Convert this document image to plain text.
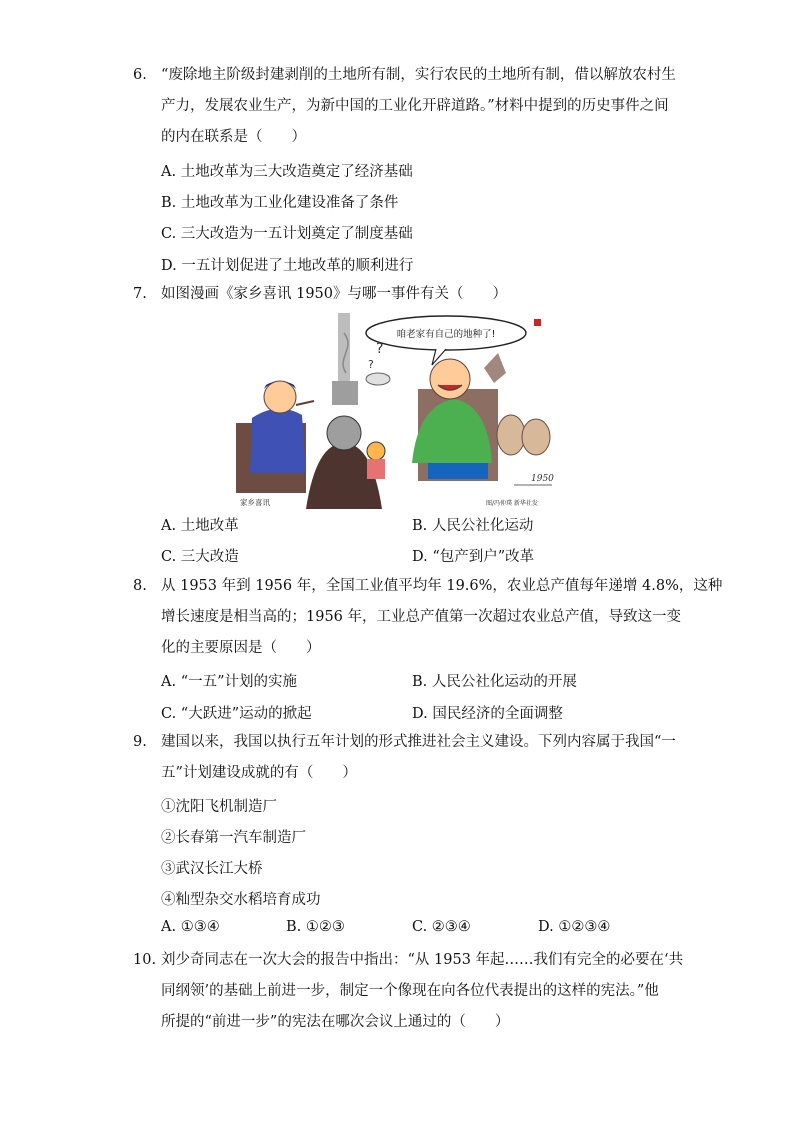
6. “废除地主阶级封建剥削的土地所有制，实行农民的土地所有制，借以解放农村生
产力，发展农业生产，为新中国的工业化开辟道路。”材料中提到的历史事件之间
的内在联系是（　　）
A. 土地改革为三大改造奠定了经济基础
B. 土地改革为工业化建设准备了条件
C. 三大改造为一五计划奠定了制度基础
D. 一五计划促进了土地改革的顺利进行
7. 如图漫画《家乡喜讯 1950》与哪一事件有关（　　）
咱老家有自己的地种了!
?
?
1950
家乡喜讯	图/冯仲璞 新华社发
A. 土地改革	B. 人民公社化运动
C. 三大改造	D. “包产到户”改革
8. 从 1953 年到 1956 年，全国工业值平均年 19.6%，农业总产值每年递增 4.8%，这种
增长速度是相当高的；1956 年，工业总产值第一次超过农业总产值，导致这一变
化的主要原因是（　　）
A. “一五”计划的实施	B. 人民公社化运动的开展
C. “大跃进”运动的掀起	D. 国民经济的全面调整
9. 建国以来，我国以执行五年计划的形式推进社会主义建设。下列内容属于我国“一
五”计划建设成就的有（　　）
①沈阳飞机制造厂
②长春第一汽车制造厂
③武汉长江大桥
④籼型杂交水稻培育成功
A. ①③④	B. ①②③	C. ②③④	D. ①②③④
10. 刘少奇同志在一次大会的报告中指出：“从 1953 年起……我们有完全的必要在‘共
同纲领’的基础上前进一步，制定一个像现在向各位代表提出的这样的宪法。”他
所提的“前进一步”的宪法在哪次会议上通过的（　　）
